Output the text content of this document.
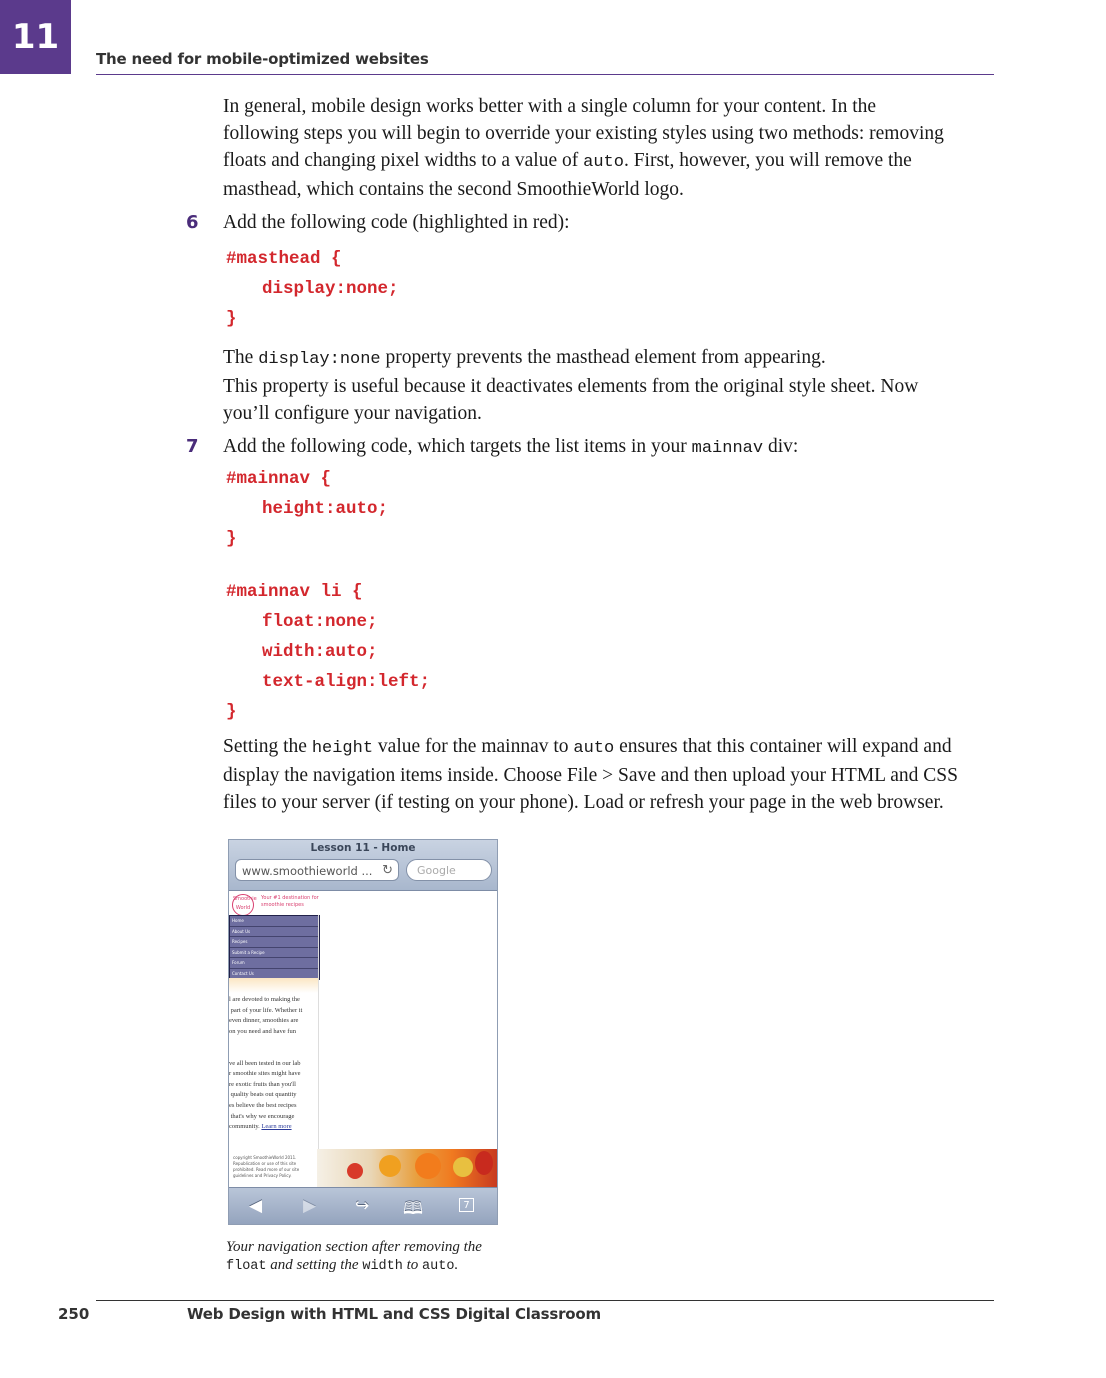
11
The need for mobile-optimized websites

In general, mobile design works better with a single column for your content. In the
following steps you will begin to override your existing styles using two methods: removing
floats and changing pixel widths to a value of auto. First, however, you will remove the
masthead, which contains the second SmoothieWorld logo.

6 Add the following code (highlighted in red):

#masthead {
display:none;
}

The display:none property prevents the masthead element from appearing.
This property is useful because it deactivates elements from the original style sheet. Now
you’ll configure your navigation.

7 Add the following code, which targets the list items in your mainnav div:

#mainnav {
height:auto;
}
#mainnav li {
float:none;
width:auto;
text-align:left;
}

Setting the height value for the mainnav to auto ensures that this container will expand and
display the navigation items inside. Choose File > Save and then upload your HTML and CSS
files to your server (if testing on your phone). Load or refresh your page in the web browser.

Lesson 11 - Home
www.smoothieworld ... ↻	Google
Smoothie World
Your #1 destination for smoothie recipes
Home
About Us
Recipes
Submit a Recipe
Forum
Contact Us
l are devoted to making the
part of your life. Whether it
even dinner, smoothies are
on you need and have fun

ve all been tested in our lab
r smoothie sites might have
re exotic fruits than you'll
quality beats out quantity
es believe the best recipes
that's why we encourage
community. Learn more
copyright SmoothieWorld 2011. Republication or use of this site prohibited. Read more of our site guidelines and Privacy Policy.
◀ ▶ ↪ 🕮	7
Your navigation section after removing the
float and setting the width to auto.
250	Web Design with HTML and CSS Digital Classroom
